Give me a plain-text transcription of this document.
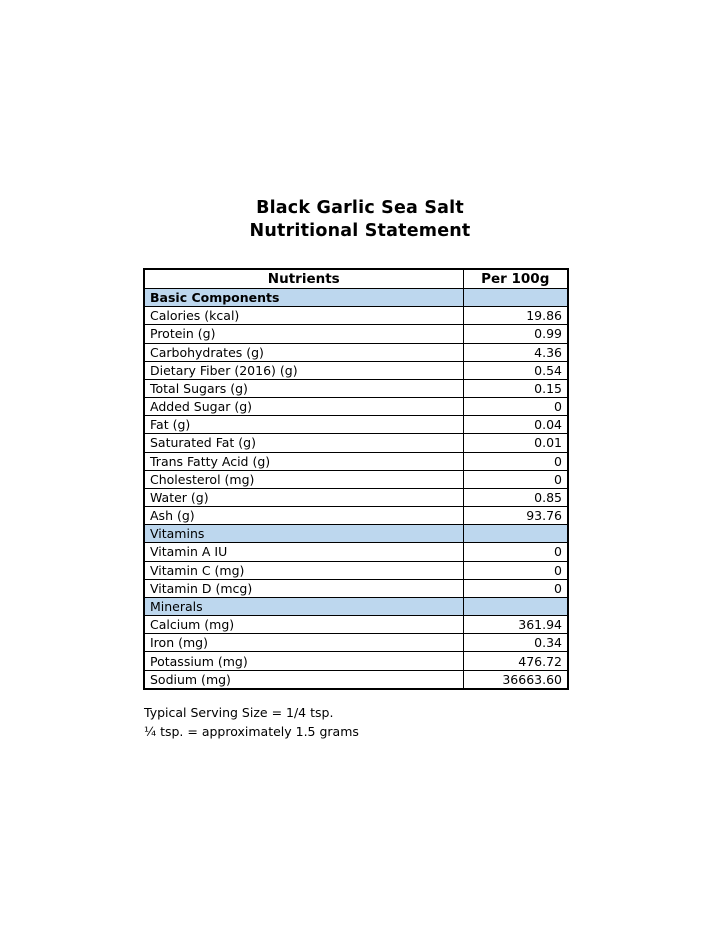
Black Garlic Sea Salt
Nutritional Statement
Nutrients	Per 100g
Basic Components	
Calories (kcal)	19.86
Protein (g)	0.99
Carbohydrates (g)	4.36
Dietary Fiber (2016) (g)	0.54
Total Sugars (g)	0.15
Added Sugar (g)	0
Fat (g)	0.04
Saturated Fat (g)	0.01
Trans Fatty Acid (g)	0
Cholesterol (mg)	0
Water (g)	0.85
Ash (g)	93.76
Vitamins	
Vitamin A IU	0
Vitamin C (mg)	0
Vitamin D (mcg)	0
Minerals	
Calcium (mg)	361.94
Iron (mg)	0.34
Potassium (mg)	476.72
Sodium (mg)	36663.60
Typical Serving Size = 1/4 tsp.
¼ tsp. = approximately 1.5 grams
